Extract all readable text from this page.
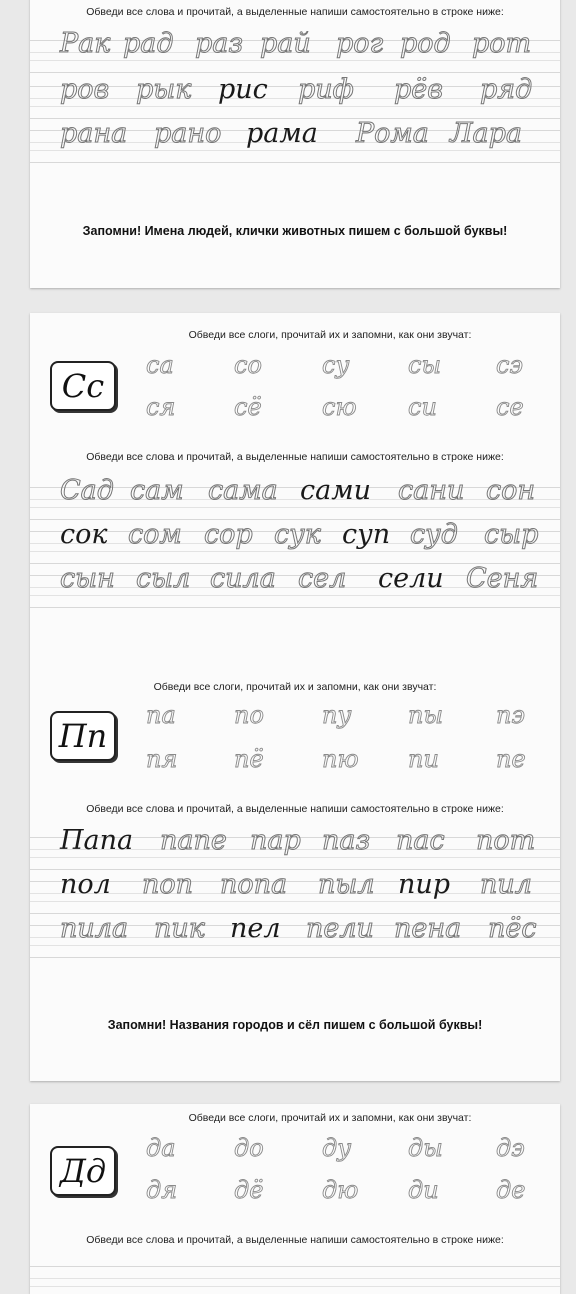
Обведи все слова и прочитай, а выделенные напиши самостоятельно в строке ниже:
Рак рад раз рай рог род рот
ров рык рис риф рёв ряд
рана рано рама Рома Лара
Запомни! Имена людей, клички животных пишем с большой буквы!
Обведи все слоги, прочитай их и запомни, как они звучат:
Сс
са	со	су сы сэ
ся сё	сю си се
Обведи все слова и прочитай, а выделенные напиши самостоятельно в строке ниже:
Сад сам сама сами сани сон
сок сом сор сук суп суд сыр
сын сыл сила сел сели Сеня
Обведи все слоги, прочитай их и запомни, как они звучат:
Пп
па по пу пы пэ
пя пё пю пи пе
Обведи все слова и прочитай, а выделенные напиши самостоятельно в строке ниже:
Папа папе пар паз пас пот
пол поп попа пыл пир пил
пила пик пел пели пена пёс
Запомни! Названия городов и сёл пишем с большой буквы!
Обведи все слоги, прочитай их и запомни, как они звучат:
Дд
да до ду ды дэ
дя дё дю ди де
Обведи все слова и прочитай, а выделенные напиши самостоятельно в строке ниже:
